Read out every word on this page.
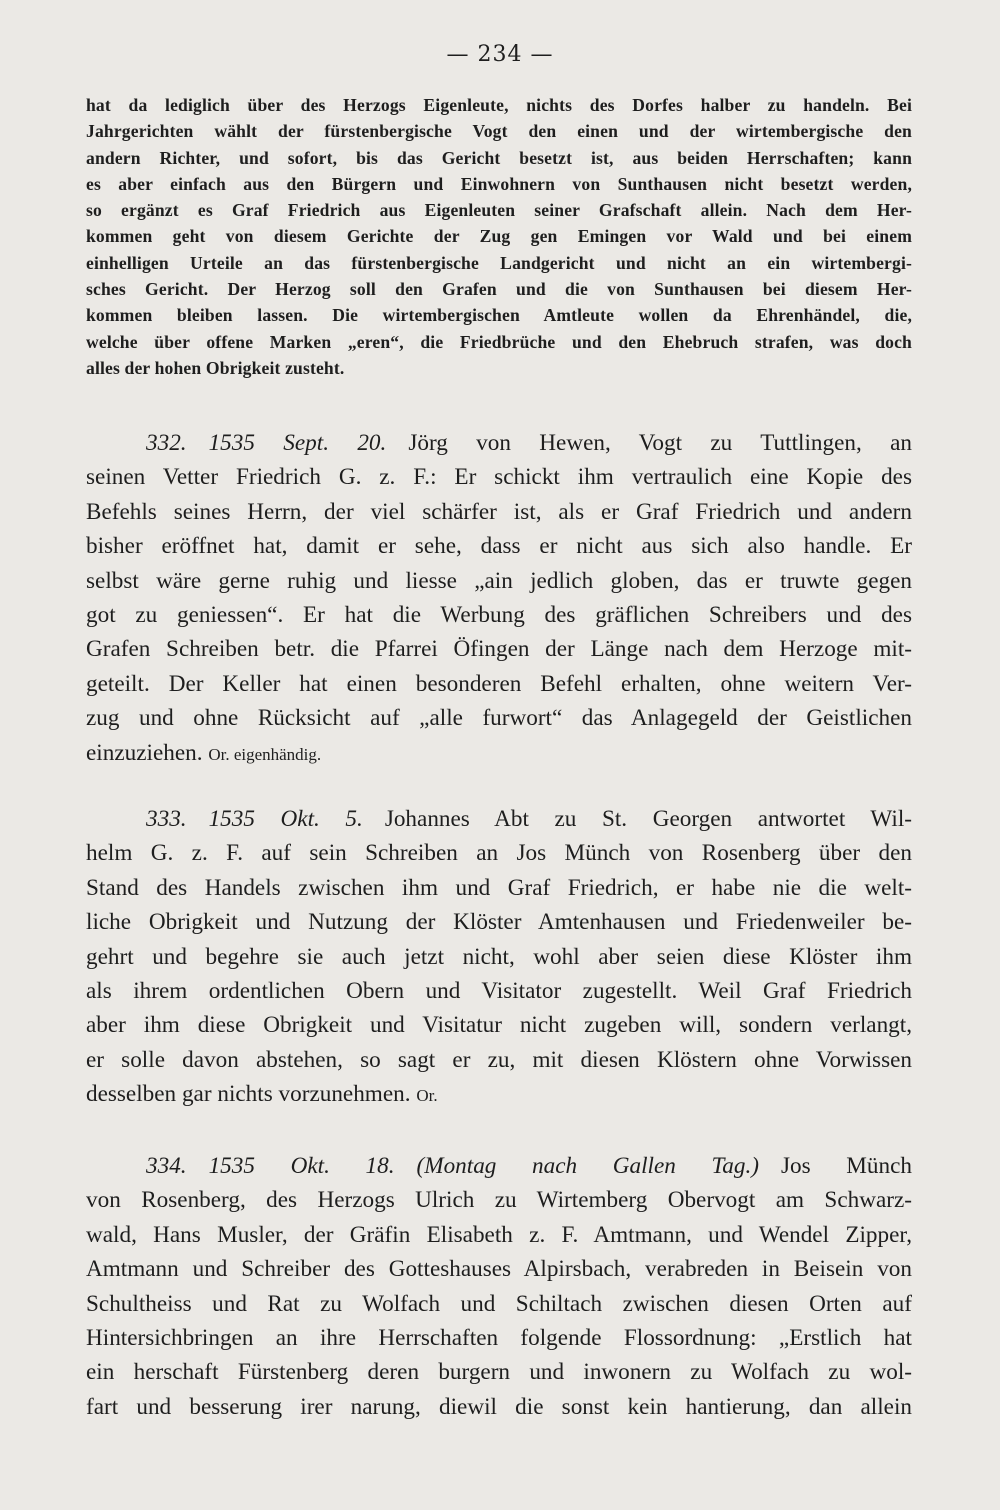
— 234 —
hat da lediglich über des Herzogs Eigenleute, nichts des Dorfes halber zu handeln. Bei
Jahrgerichten wählt der fürstenbergische Vogt den einen und der wirtembergische den
andern Richter, und sofort, bis das Gericht besetzt ist, aus beiden Herrschaften; kann
es aber einfach aus den Bürgern und Einwohnern von Sunthausen nicht besetzt werden,
so ergänzt es Graf Friedrich aus Eigenleuten seiner Grafschaft allein. Nach dem Her-
kommen geht von diesem Gerichte der Zug gen Emingen vor Wald und bei einem
einhelligen Urteile an das fürstenbergische Landgericht und nicht an ein wirtembergi-
sches Gericht. Der Herzog soll den Grafen und die von Sunthausen bei diesem Her-
kommen bleiben lassen. Die wirtembergischen Amtleute wollen da Ehrenhändel, die,
welche über offene Marken „eren“, die Friedbrüche und den Ehebruch strafen, was doch
alles der hohen Obrigkeit zusteht.
332. 1535 Sept. 20. Jörg von Hewen, Vogt zu Tuttlingen, an
seinen Vetter Friedrich G. z. F.: Er schickt ihm vertraulich eine Kopie des
Befehls seines Herrn, der viel schärfer ist, als er Graf Friedrich und andern
bisher eröffnet hat, damit er sehe, dass er nicht aus sich also handle. Er
selbst wäre gerne ruhig und liesse „ain jedlich globen, das er truwte gegen
got zu geniessen“. Er hat die Werbung des gräflichen Schreibers und des
Grafen Schreiben betr. die Pfarrei Öfingen der Länge nach dem Herzoge mit-
geteilt. Der Keller hat einen besonderen Befehl erhalten, ohne weitern Ver-
zug und ohne Rücksicht auf „alle furwort“ das Anlagegeld der Geistlichen
einzuziehen. Or. eigenhändig.
333. 1535 Okt. 5. Johannes Abt zu St. Georgen antwortet Wil-
helm G. z. F. auf sein Schreiben an Jos Münch von Rosenberg über den
Stand des Handels zwischen ihm und Graf Friedrich, er habe nie die welt-
liche Obrigkeit und Nutzung der Klöster Amtenhausen und Friedenweiler be-
gehrt und begehre sie auch jetzt nicht, wohl aber seien diese Klöster ihm
als ihrem ordentlichen Obern und Visitator zugestellt. Weil Graf Friedrich
aber ihm diese Obrigkeit und Visitatur nicht zugeben will, sondern verlangt,
er solle davon abstehen, so sagt er zu, mit diesen Klöstern ohne Vorwissen
desselben gar nichts vorzunehmen. Or.
334. 1535 Okt. 18. (Montag nach Gallen Tag.) Jos Münch
von Rosenberg, des Herzogs Ulrich zu Wirtemberg Obervogt am Schwarz-
wald, Hans Musler, der Gräfin Elisabeth z. F. Amtmann, und Wendel Zipper,
Amtmann und Schreiber des Gotteshauses Alpirsbach, verabreden in Beisein von
Schultheiss und Rat zu Wolfach und Schiltach zwischen diesen Orten auf
Hintersichbringen an ihre Herrschaften folgende Flossordnung: „Erstlich hat
ein herschaft Fürstenberg deren burgern und inwonern zu Wolfach zu wol-
fart und besserung irer narung, diewil die sonst kein hantierung, dan allein
